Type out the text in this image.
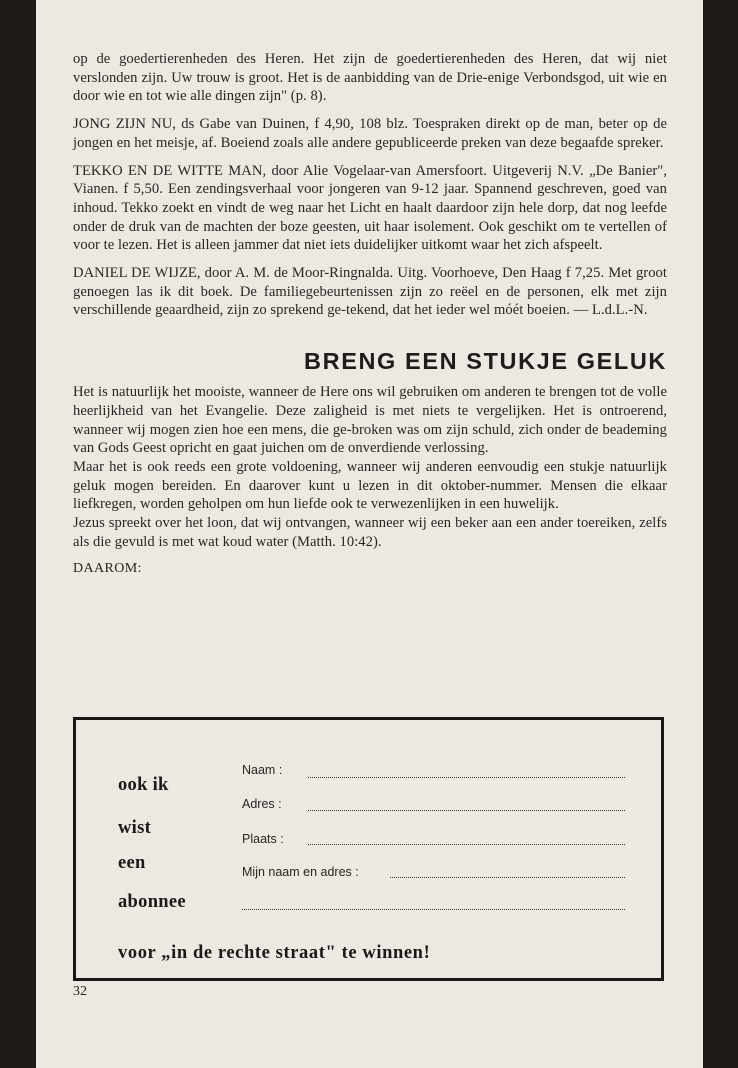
op de goedertierenheden des Heren. Het zijn de goedertierenheden des Heren, dat wij niet verslonden zijn. Uw trouw is groot. Het is de aanbidding van de Drie-enige Verbondsgod, uit wie en door wie en tot wie alle dingen zijn" (p. 8).

JONG ZIJN NU, ds Gabe van Duinen, f 4,90, 108 blz. Toespraken direkt op de man, beter op de jongen en het meisje, af. Boeiend zoals alle andere gepubliceerde preken van deze begaafde spreker.

TEKKO EN DE WITTE MAN, door Alie Vogelaar-van Amersfoort. Uitgeverij N.V. „De Banier", Vianen. f 5,50. Een zendingsverhaal voor jongeren van 9-12 jaar. Spannend geschreven, goed van inhoud. Tekko zoekt en vindt de weg naar het Licht en haalt daardoor zijn hele dorp, dat nog leefde onder de druk van de machten der boze geesten, uit haar isolement. Ook geschikt om te vertellen of voor te lezen. Het is alleen jammer dat niet iets duidelijker uitkomt waar het zich afspeelt.

DANIEL DE WIJZE, door A. M. de Moor-Ringnalda. Uitg. Voorhoeve, Den Haag f 7,25. Met groot genoegen las ik dit boek. De familiegebeurtenissen zijn zo reëel en de personen, elk met zijn verschillende geaardheid, zijn zo sprekend ge-tekend, dat het ieder wel móét boeien. — L.d.L.-N.

BRENG EEN STUKJE GELUK

Het is natuurlijk het mooiste, wanneer de Here ons wil gebruiken om anderen te brengen tot de volle heerlijkheid van het Evangelie. Deze zaligheid is met niets te vergelijken. Het is ontroerend, wanneer wij mogen zien hoe een mens, die ge-broken was om zijn schuld, zich onder de beademing van Gods Geest opricht en gaat juichen om de onverdiende verlossing.

Maar het is ook reeds een grote voldoening, wanneer wij anderen eenvoudig een stukje natuurlijk geluk mogen bereiden. En daarover kunt u lezen in dit oktober-nummer. Mensen die elkaar liefkregen, worden geholpen om hun liefde ook te verwezenlijken in een huwelijk.

Jezus spreekt over het loon, dat wij ontvangen, wanneer wij een beker aan een ander toereiken, zelfs als die gevuld is met wat koud water (Matth. 10:42).

DAAROM:
ook ik
wist
een
abonnee
Naam :
Adres :
Plaats :
Mijn naam en adres :
voor „in de rechte straat" te winnen!
32
